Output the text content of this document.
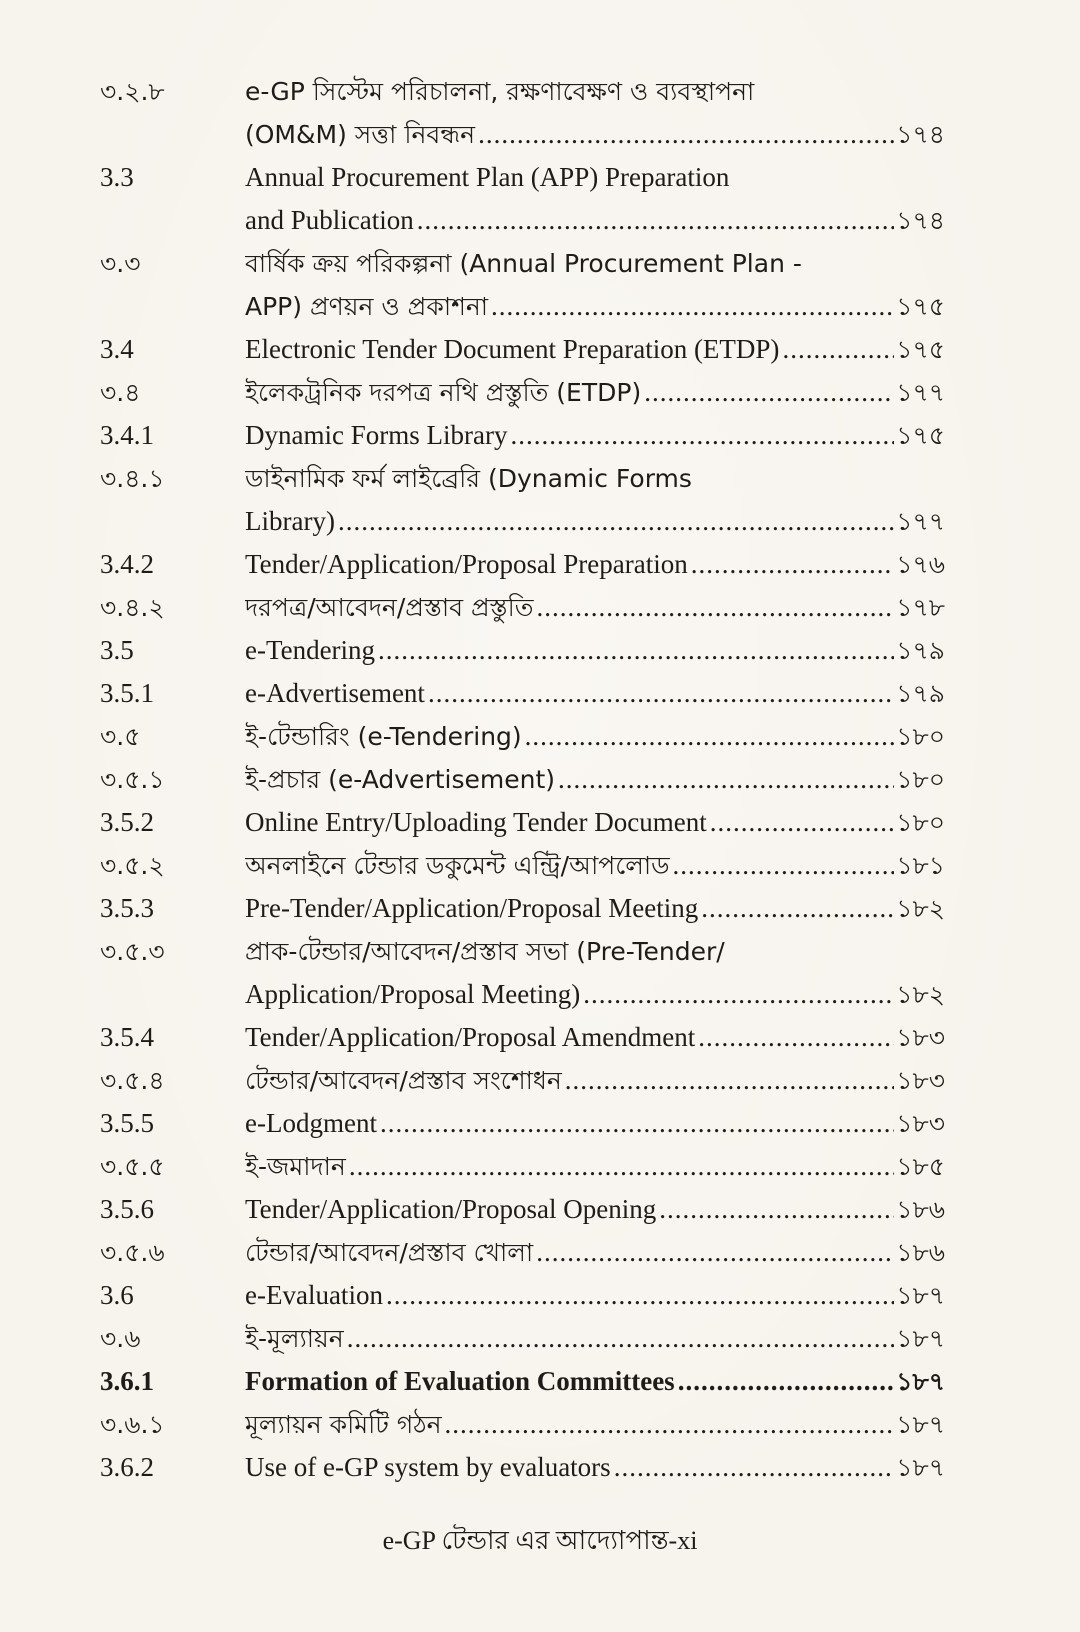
৩.২.৮	e-GP সিস্টেম পরিচালনা, রক্ষণাবেক্ষণ ও ব্যবস্থাপনা
(OM&M) সত্তা নিবন্ধন .....	১৭৪
3.3	Annual Procurement Plan (APP) Preparation
and Publication .....	১৭৪
৩.৩	বার্ষিক ক্রয় পরিকল্পনা (Annual Procurement Plan -
APP) প্রণয়ন ও প্রকাশনা .....	১৭৫
3.4	Electronic Tender Document Preparation (ETDP) .....	১৭৫
৩.৪	ইলেকট্রনিক দরপত্র নথি প্রস্তুতি (ETDP) .....	১৭৭
3.4.1	Dynamic Forms Library .....	১৭৫
৩.৪.১	ডাইনামিক ফর্ম লাইব্রেরি (Dynamic Forms
Library) .....	১৭৭
3.4.2	Tender/Application/Proposal Preparation .....	১৭৬
৩.৪.২	দরপত্র/আবেদন/প্রস্তাব প্রস্তুতি .....	১৭৮
3.5	e-Tendering .....	১৭৯
3.5.1	e-Advertisement .....	১৭৯
৩.৫	ই-টেন্ডারিং (e-Tendering) .....	১৮০
৩.৫.১	ই-প্রচার (e-Advertisement) .....	১৮০
3.5.2	Online Entry/Uploading Tender Document .....	১৮০
৩.৫.২	অনলাইনে টেন্ডার ডকুমেন্ট এন্ট্রি/আপলোড .....	১৮১
3.5.3	Pre-Tender/Application/Proposal Meeting .....	১৮২
৩.৫.৩	প্রাক-টেন্ডার/আবেদন/প্রস্তাব সভা (Pre-Tender/
Application/Proposal Meeting) .....	১৮২
3.5.4	Tender/Application/Proposal Amendment .....	১৮৩
৩.৫.৪	টেন্ডার/আবেদন/প্রস্তাব সংশোধন .....	১৮৩
3.5.5	e-Lodgment .....	১৮৩
৩.৫.৫	ই-জমাদান .....	১৮৫
3.5.6	Tender/Application/Proposal Opening .....	১৮৬
৩.৫.৬	টেন্ডার/আবেদন/প্রস্তাব খোলা .....	১৮৬
3.6	e-Evaluation .....	১৮৭
৩.৬	ই-মূল্যায়ন .....	১৮৭
3.6.1	Formation of Evaluation Committees .....	১৮৭
৩.৬.১	মূল্যায়ন কমিটি গঠন .....	১৮৭
3.6.2	Use of e-GP system by evaluators .....	১৮৭
e-GP টেন্ডার এর আদ্যোপান্ত-xi
